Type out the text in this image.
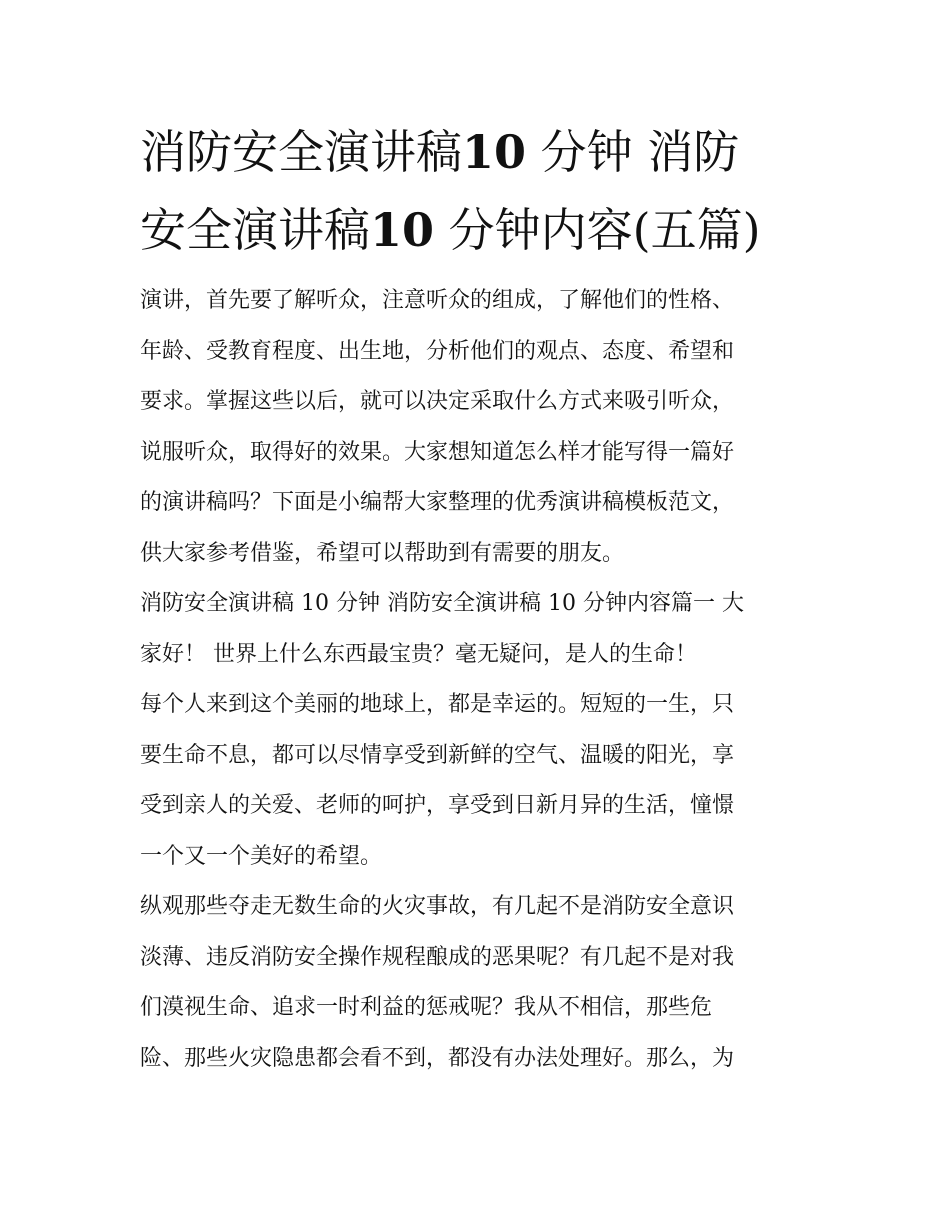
消防安全演讲稿10 分钟 消防
安全演讲稿10 分钟内容(五篇)

演讲，首先要了解听众，注意听众的组成，了解他们的性格、
年龄、受教育程度、出生地，分析他们的观点、态度、希望和
要求。掌握这些以后，就可以决定采取什么方式来吸引听众，
说服听众，取得好的效果。大家想知道怎么样才能写得一篇好
的演讲稿吗？下面是小编帮大家整理的优秀演讲稿模板范文，
供大家参考借鉴，希望可以帮助到有需要的朋友。

消防安全演讲稿 10 分钟 消防安全演讲稿 10 分钟内容篇一 大
家好！ 世界上什么东西最宝贵？毫无疑问，是人的生命！

每个人来到这个美丽的地球上，都是幸运的。短短的一生，只
要生命不息，都可以尽情享受到新鲜的空气、温暖的阳光，享
受到亲人的关爱、老师的呵护，享受到日新月异的生活，憧憬
一个又一个美好的希望。

纵观那些夺走无数生命的火灾事故，有几起不是消防安全意识
淡薄、违反消防安全操作规程酿成的恶果呢？有几起不是对我
们漠视生命、追求一时利益的惩戒呢？我从不相信，那些危
险、那些火灾隐患都会看不到，都没有办法处理好。那么，为
